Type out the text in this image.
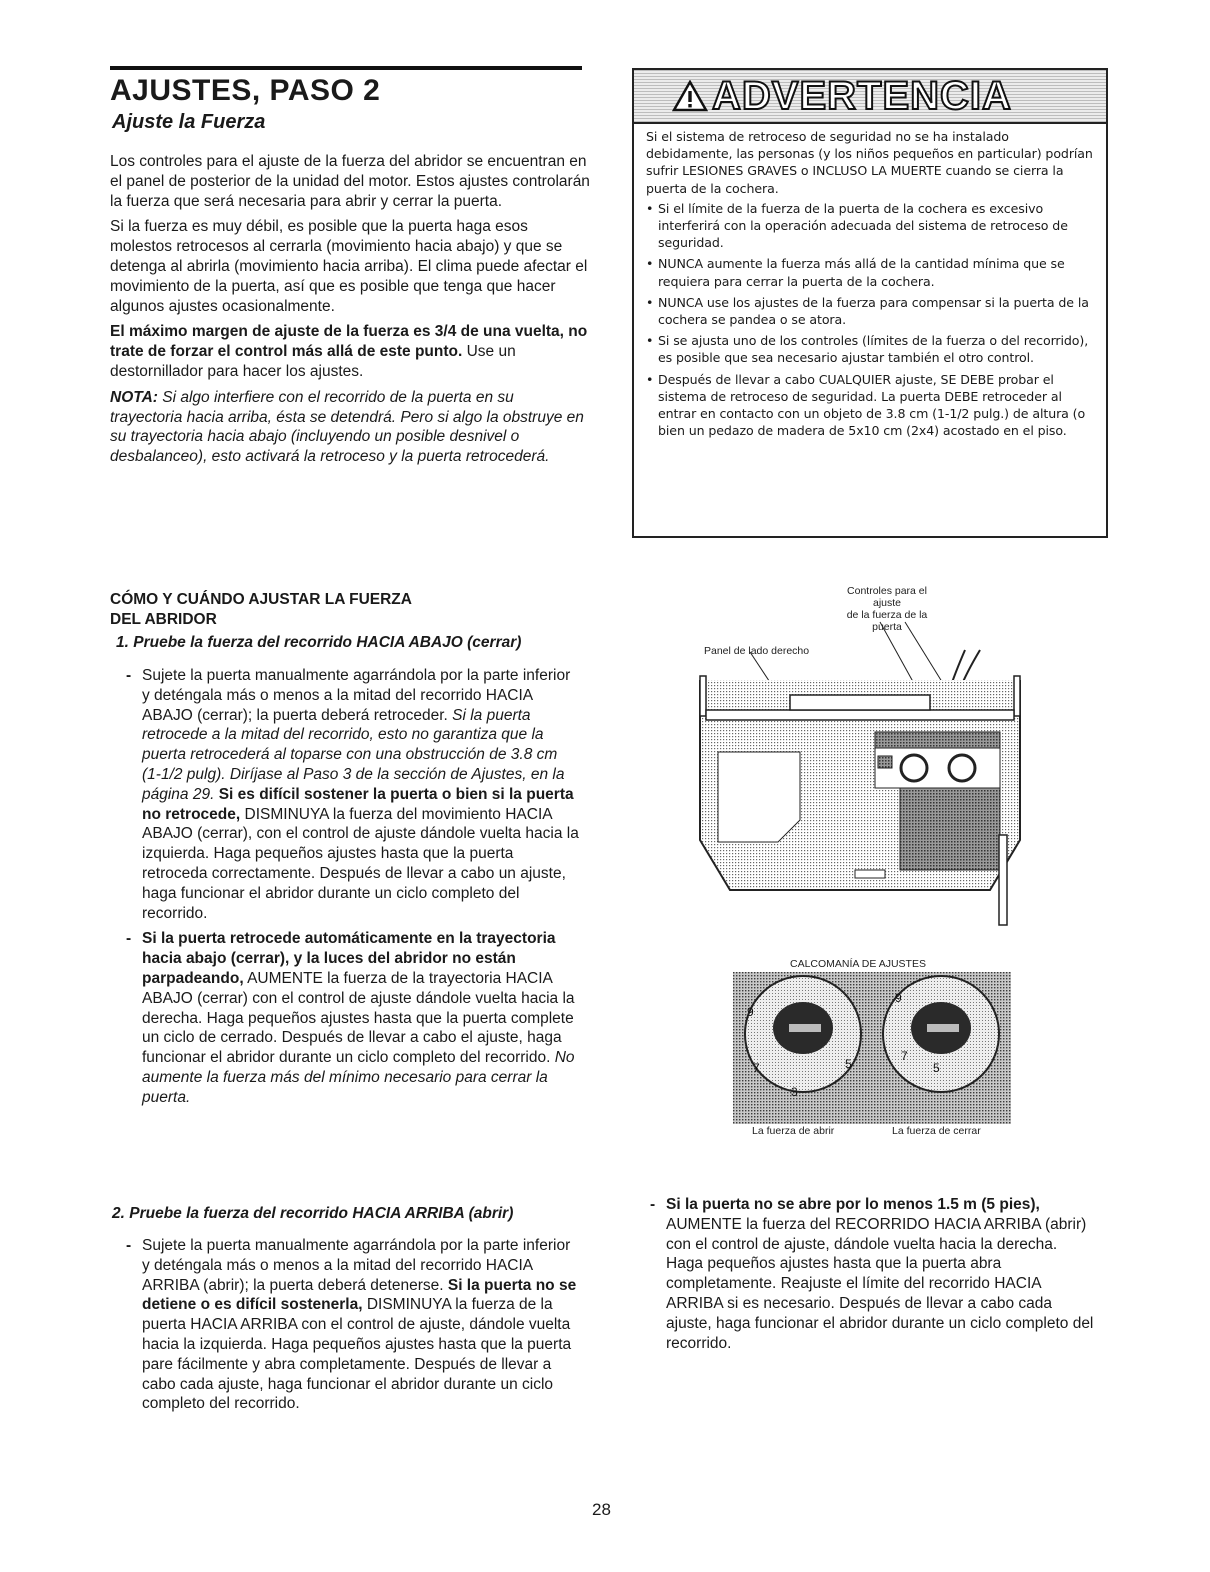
AJUSTES, PASO 2
Ajuste la Fuerza

Los controles para el ajuste de la fuerza del abridor se encuentran en el panel de posterior de la unidad del motor. Estos ajustes controlarán la fuerza que será necesaria para abrir y cerrar la puerta.

Si la fuerza es muy débil, es posible que la puerta haga esos molestos retrocesos al cerrarla (movimiento hacia abajo) y que se detenga al abrirla (movimiento hacia arriba). El clima puede afectar el movimiento de la puerta, así que es posible que tenga que hacer algunos ajustes ocasionalmente.

El máximo margen de ajuste de la fuerza es 3/4 de una vuelta, no trate de forzar el control más allá de este punto. Use un destornillador para hacer los ajustes.

NOTA: Si algo interfiere con el recorrido de la puerta en su trayectoria hacia arriba, ésta se detendrá. Pero si algo la obstruye en su trayectoria hacia abajo (incluyendo un posible desnivel o desbalanceo), esto activará la retroceso y la puerta retrocederá.

CÓMO Y CUÁNDO AJUSTAR LA FUERZA
DEL ABRIDOR
1. Pruebe la fuerza del recorrido HACIA ABAJO (cerrar)
- Sujete la puerta manualmente agarrándola por la parte inferior y deténgala más o menos a la mitad del recorrido HACIA ABAJO (cerrar); la puerta deberá retroceder. Si la puerta retrocede a la mitad del recorrido, esto no garantiza que la puerta retrocederá al toparse con una obstrucción de 3.8 cm (1-1/2 pulg). Diríjase al Paso 3 de la sección de Ajustes, en la página 29. Si es difícil sostener la puerta o bien si la puerta no retrocede, DISMINUYA la fuerza del movimiento HACIA ABAJO (cerrar), con el control de ajuste dándole vuelta hacia la izquierda. Haga pequeños ajustes hasta que la puerta retroceda correctamente. Después de llevar a cabo un ajuste, haga funcionar el abridor durante un ciclo completo del recorrido.
- Si la puerta retrocede automáticamente en la trayectoria hacia abajo (cerrar), y la luces del abridor no están parpadeando, AUMENTE la fuerza de la trayectoria HACIA ABAJO (cerrar) con el control de ajuste dándole vuelta hacia la derecha. Haga pequeños ajustes hasta que la puerta complete un ciclo de cerrado. Después de llevar a cabo el ajuste, haga funcionar el abridor durante un ciclo completo del recorrido. No aumente la fuerza más del mínimo necesario para cerrar la puerta.
2. Pruebe la fuerza del recorrido HACIA ARRIBA (abrir)
- Sujete la puerta manualmente agarrándola por la parte inferior y deténgala más o menos a la mitad del recorrido HACIA ARRIBA (abrir); la puerta deberá detenerse. Si la puerta no se detiene o es difícil sostenerla, DISMINUYA la fuerza de la puerta HACIA ARRIBA con el control de ajuste, dándole vuelta hacia la izquierda. Haga pequeños ajustes hasta que la puerta pare fácilmente y abra completamente. Después de llevar a cabo cada ajuste, haga funcionar el abridor durante un ciclo completo del recorrido.
ADVERTENCIA
Si el sistema de retroceso de seguridad no se ha instalado debidamente, las personas (y los niños pequeños en particular) podrían sufrir LESIONES GRAVES o INCLUSO LA MUERTE cuando se cierra la puerta de la cochera.
• Si el límite de la fuerza de la puerta de la cochera es excesivo interferirá con la operación adecuada del sistema de retroceso de seguridad.
• NUNCA aumente la fuerza más allá de la cantidad mínima que se requiera para cerrar la puerta de la cochera.
• NUNCA use los ajustes de la fuerza para compensar si la puerta de la cochera se pandea o se atora.
• Si se ajusta uno de los controles (límites de la fuerza o del recorrido), es posible que sea necesario ajustar también el otro control.
• Después de llevar a cabo CUALQUIER ajuste, SE DEBE probar el sistema de retroceso de seguridad. La puerta DEBE retroceder al entrar en contacto con un objeto de 3.8 cm (1-1/2 pulg.) de altura (o bien un pedazo de madera de 5x10 cm (2x4) acostado en el piso.
Controles para el ajuste
de la fuerza de la puerta
Panel de lado derecho
CALCOMANÍA DE AJUSTES
9
7	5
3
9
7
5
La fuerza de abrir	La fuerza de cerrar
- Si la puerta no se abre por lo menos 1.5 m (5 pies), AUMENTE la fuerza del RECORRIDO HACIA ARRIBA (abrir) con el control de ajuste, dándole vuelta hacia la derecha. Haga pequeños ajustes hasta que la puerta abra completamente. Reajuste el límite del recorrido HACIA ARRIBA si es necesario. Después de llevar a cabo cada ajuste, haga funcionar el abridor durante un ciclo completo del recorrido.
28
